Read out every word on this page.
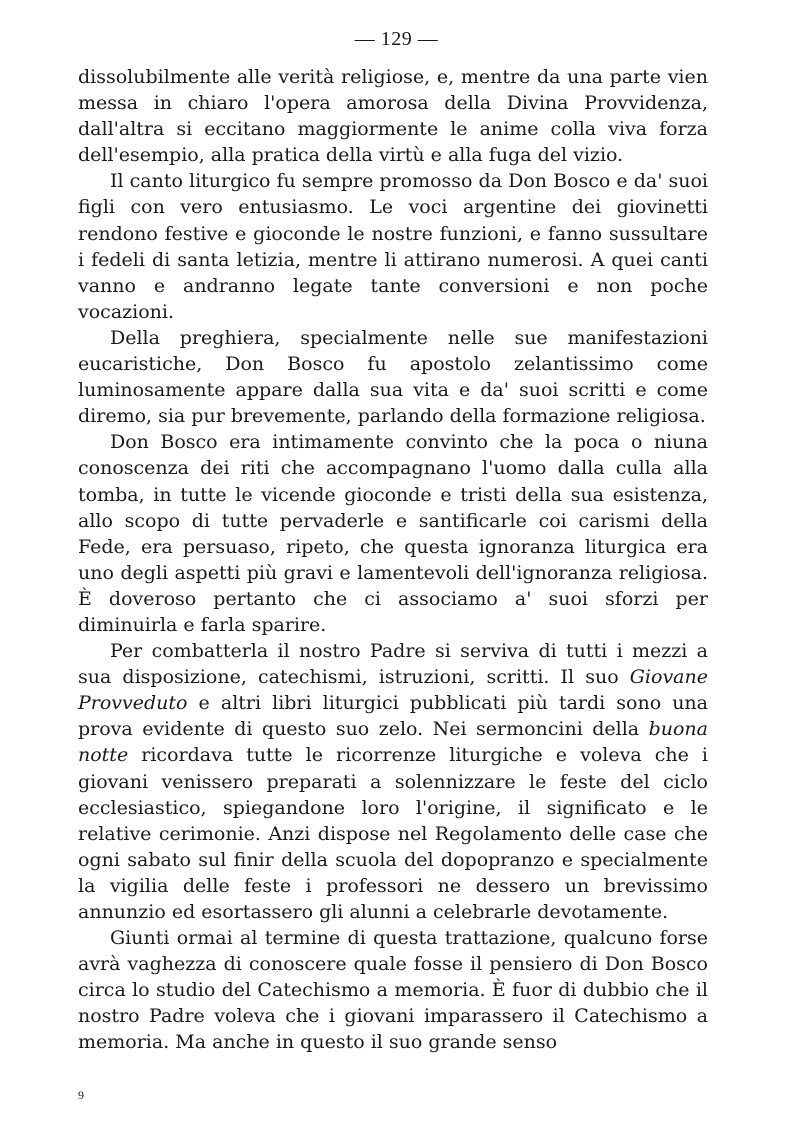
— 129 —

dissolubilmente alle verità religiose, e, mentre da una parte vien messa in chiaro l'opera amorosa della Divina Provvidenza, dall'altra si eccitano maggiormente le anime colla viva forza dell'esempio, alla pratica della virtù e alla fuga del vizio.

Il canto liturgico fu sempre promosso da Don Bosco e da' suoi figli con vero entusiasmo. Le voci argentine dei giovinetti rendono festive e gioconde le nostre funzioni, e fanno sussultare i fedeli di santa letizia, mentre li attirano numerosi. A quei canti vanno e andranno legate tante conversioni e non poche vocazioni.

Della preghiera, specialmente nelle sue manifestazioni eucaristiche, Don Bosco fu apostolo zelantissimo come luminosamente appare dalla sua vita e da' suoi scritti e come diremo, sia pur brevemente, parlando della formazione religiosa.

Don Bosco era intimamente convinto che la poca o niuna conoscenza dei riti che accompagnano l'uomo dalla culla alla tomba, in tutte le vicende gioconde e tristi della sua esistenza, allo scopo di tutte pervaderle e santificarle coi carismi della Fede, era persuaso, ripeto, che questa ignoranza liturgica era uno degli aspetti più gravi e lamentevoli dell'ignoranza religiosa. È doveroso pertanto che ci associamo a' suoi sforzi per diminuirla e farla sparire.

Per combatterla il nostro Padre si serviva di tutti i mezzi a sua disposizione, catechismi, istruzioni, scritti. Il suo Giovane Provveduto e altri libri liturgici pubblicati più tardi sono una prova evidente di questo suo zelo. Nei sermoncini della buona notte ricordava tutte le ricorrenze liturgiche e voleva che i giovani venissero preparati a solennizzare le feste del ciclo ecclesiastico, spiegandone loro l'origine, il significato e le relative cerimonie. Anzi dispose nel Regolamento delle case che ogni sabato sul finir della scuola del dopopranzo e specialmente la vigilia delle feste i professori ne dessero un brevissimo annunzio ed esortassero gli alunni a celebrarle devotamente.

Giunti ormai al termine di questa trattazione, qualcuno forse avrà vaghezza di conoscere quale fosse il pensiero di Don Bosco circa lo studio del Catechismo a memoria. È fuor di dubbio che il nostro Padre voleva che i giovani imparassero il Catechismo a memoria. Ma anche in questo il suo grande senso

9
